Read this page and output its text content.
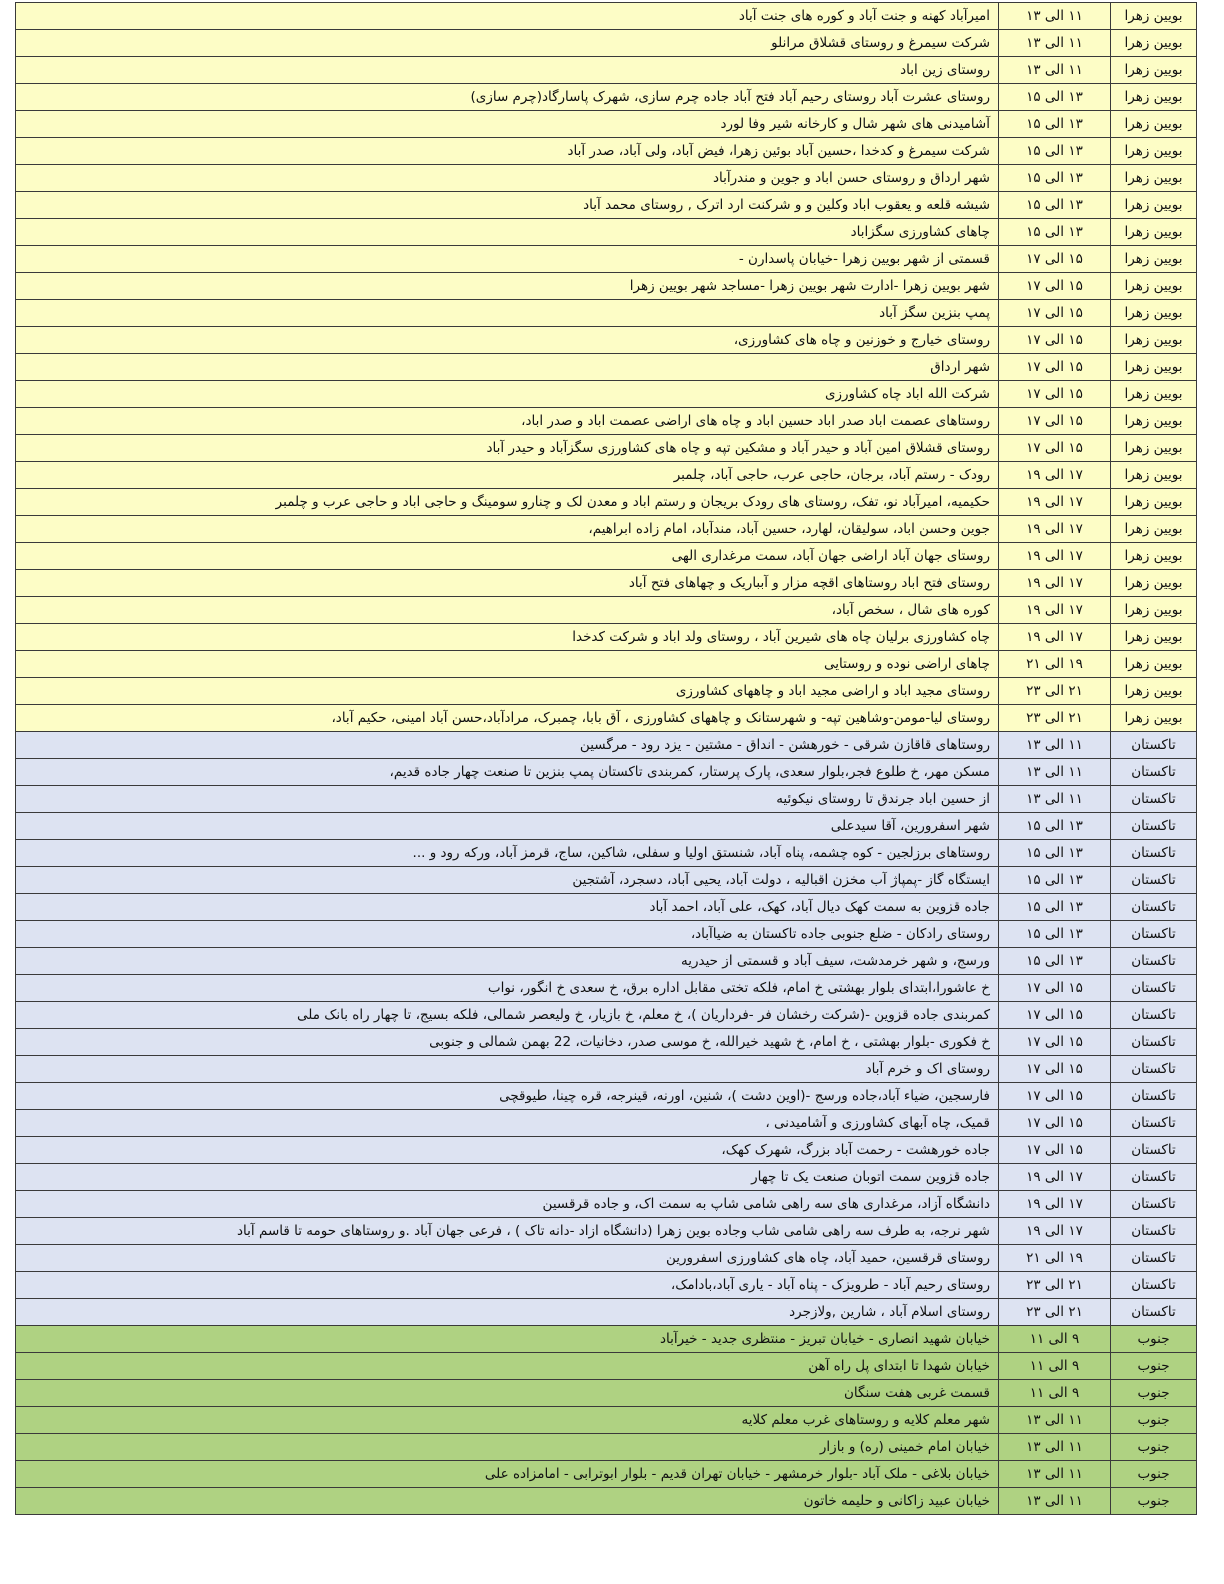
بویین زهرا	۱۱ الی ۱۳	امیرآباد کهنه و جنت آباد و کوره های جنت آباد
بویین زهرا	۱۱ الی ۱۳	شرکت سیمرغ و روستای قشلاق مرانلو
بویین زهرا	۱۱ الی ۱۳	روستای زین اباد
بویین زهرا	۱۳ الی ۱۵	روستای عشرت آباد روستای رحیم آباد فتح آباد جاده چرم سازی، شهرک پاسارگاد(چرم سازی)
بویین زهرا	۱۳ الی ۱۵	آشامیدنی های شهر شال و کارخانه شیر وفا لورد
بویین زهرا	۱۳ الی ۱۵	شرکت سیمرغ و کدخدا ،حسین آباد بوئین زهرا، فیض آباد، ولی آباد، صدر آباد
بویین زهرا	۱۳ الی ۱۵	شهر ارداق و روستای حسن اباد و جوین و مندرآباد
بویین زهرا	۱۳ الی ۱۵	شیشه قلعه و یعقوب اباد وکلین و و شرکنت ارد اترک , روستای محمد آباد
بویین زهرا	۱۳ الی ۱۵	چاهای کشاورزی سگزاباد
بویین زهرا	۱۵ الی ۱۷	قسمتی از شهر بویین زهرا -خیابان پاسدارن -
بویین زهرا	۱۵ الی ۱۷	شهر بویین زهرا -ادارت شهر بویین زهرا -مساجد شهر بویین زهرا
بویین زهرا	۱۵ الی ۱۷	پمپ بنزین سگز آباد
بویین زهرا	۱۵ الی ۱۷	روستای خیارج و خوزنین و چاه های کشاورزی،
بویین زهرا	۱۵ الی ۱۷	شهر ارداق
بویین زهرا	۱۵ الی ۱۷	شرکت الله اباد چاه کشاورزی
بویین زهرا	۱۵ الی ۱۷	روستاهای عصمت اباد صدر اباد حسین اباد و چاه های اراضی عصمت اباد و صدر اباد،
بویین زهرا	۱۵ الی ۱۷	روستای قشلاق امین آباد و حیدر آباد و مشکین تپه و چاه های کشاورزی سگزآباد و حیدر آباد
بویین زهرا	۱۷ الی ۱۹	رودک - رستم آباد، برجان، حاجی عرب، حاجی آباد، چلمبر
بویین زهرا	۱۷ الی ۱۹	حکیمیه، امیرآباد نو، تفک، روستای های رودک بریجان و رستم اباد و معدن لک و چنارو سومینگ و حاجی اباد و حاجی عرب و چلمبر
بویین زهرا	۱۷ الی ۱۹	جوین وحسن اباد، سولیقان، لهارد، حسین آباد، مندآباد، امام زاده ابراهیم،
بویین زهرا	۱۷ الی ۱۹	روستای جهان آباد اراضی جهان آباد، سمت مرغداری الهی
بویین زهرا	۱۷ الی ۱۹	روستای فتح اباد روستاهای اقچه مزار و آبباریک و چهاهای فتح آباد
بویین زهرا	۱۷ الی ۱۹	کوره های شال ، سخص آباد،
بویین زهرا	۱۷ الی ۱۹	چاه کشاورزی برلیان چاه های شیرین آباد ، روستای ولد اباد و شرکت کدخدا
بویین زهرا	۱۹ الی ۲۱	چاهای اراضی نوده و روستایی
بویین زهرا	۲۱ الی ۲۳	روستای مجید اباد و اراضی مجید اباد و چاههای کشاورزی
بویین زهرا	۲۱ الی ۲۳	روستای لیا-مومن-وشاهین تپه- و شهرستانک و چاههای کشاورزی ، آق بابا، چمبرک، مرادآباد،حسن آباد امینی، حکیم آباد،
تاکستان	۱۱ الی ۱۳	روستاهای قاقازن شرقی - خورهشن - انداق - مشتین - یزد رود - مرگسین
تاکستان	۱۱ الی ۱۳	مسکن مهر، خ طلوع فجر،بلوار سعدی، پارک پرستار، کمربندی تاکستان پمپ بنزین تا صنعت چهار جاده قدیم،
تاکستان	۱۱ الی ۱۳	از حسین اباد جرندق تا روستای نیکوئیه
تاکستان	۱۳ الی ۱۵	شهر اسفرورین، آقا سیدعلی
تاکستان	۱۳ الی ۱۵	روستاهای برزلجین - کوه چشمه، پناه آباد، شنستق اولیا و سفلی، شاکین، ساج، قرمز آباد، ورکه رود و ...
تاکستان	۱۳ الی ۱۵	ایستگاه گاز -پمپاژ آب مخزن اقبالیه ، دولت آباد، یحیی آباد، دسجرد، آشتجین
تاکستان	۱۳ الی ۱۵	جاده قزوین به سمت کهک دیال آباد، کهک، علی آباد، احمد آباد
تاکستان	۱۳ الی ۱۵	روستای رادکان - ضلع جنوبی جاده تاکستان به ضیاآباد،
تاکستان	۱۳ الی ۱۵	ورسج، و شهر خرمدشت، سیف آباد و قسمتی از حیدریه
تاکستان	۱۵ الی ۱۷	خ عاشورا،ابتدای بلوار بهشتی خ امام، فلکه تختی مقابل اداره برق، خ سعدی خ انگور، نواب
تاکستان	۱۵ الی ۱۷	کمربندی جاده قزوین -(شرکت رخشان فر -فرداریان )، خ معلم، خ بازیار، خ ولیعصر شمالی، فلکه بسیج، تا چهار راه بانک ملی
تاکستان	۱۵ الی ۱۷	خ فکوری -بلوار بهشتی ، خ امام، خ شهید خیرالله، خ موسی صدر، دخانیات، 22 بهمن شمالی و جنوبی
تاکستان	۱۵ الی ۱۷	روستای اک و خرم آباد
تاکستان	۱۵ الی ۱۷	فارسجین، ضیاء آباد،جاده ورسج -(اوین دشت )، شنین، اورنه، قینرجه، قره چینا، طیوقچی
تاکستان	۱۵ الی ۱۷	قمیک، چاه آبهای کشاورزی و آشامیدنی ،
تاکستان	۱۵ الی ۱۷	جاده خورهشت - رحمت آباد بزرگ، شهرک کهک،
تاکستان	۱۷ الی ۱۹	جاده قزوین سمت اتوبان صنعت یک تا چهار
تاکستان	۱۷ الی ۱۹	دانشگاه آزاد، مرغداری های سه راهی شامی شاپ به سمت اک، و جاده قرقسین
تاکستان	۱۷ الی ۱۹	شهر نرجه، به طرف سه راهی شامی شاب وجاده بوین زهرا (دانشگاه ازاد -دانه تاک ) ، فرعی جهان آباد .و روستاهای حومه تا قاسم آباد
تاکستان	۱۹ الی ۲۱	روستای قرقسین، حمید آباد، چاه های کشاورزی اسفرورین
تاکستان	۲۱ الی ۲۳	روستای رحیم آباد - طرویزک - پناه آباد - یاری آباد،بادامک،
تاکستان	۲۱ الی ۲۳	روستای اسلام آباد ، شارین ,ولازجرد
جنوب	۹ الی ۱۱	خیابان شهید انصاری - خیابان تبریز - منتظری جدید - خیرآباد
جنوب	۹ الی ۱۱	خیابان شهدا تا ابتدای پل راه آهن
جنوب	۹ الی ۱۱	قسمت غربی هفت سنگان
جنوب	۱۱ الی ۱۳	شهر معلم کلایه و روستاهای غرب معلم کلایه
جنوب	۱۱ الی ۱۳	خیابان امام خمینی (ره) و بازار
جنوب	۱۱ الی ۱۳	خیابان بلاغی - ملک آباد -بلوار خرمشهر - خیابان تهران قدیم - بلوار ابوترابی - امامزاده علی
جنوب	۱۱ الی ۱۳	خیابان عبید زاکانی و حلیمه خاتون
